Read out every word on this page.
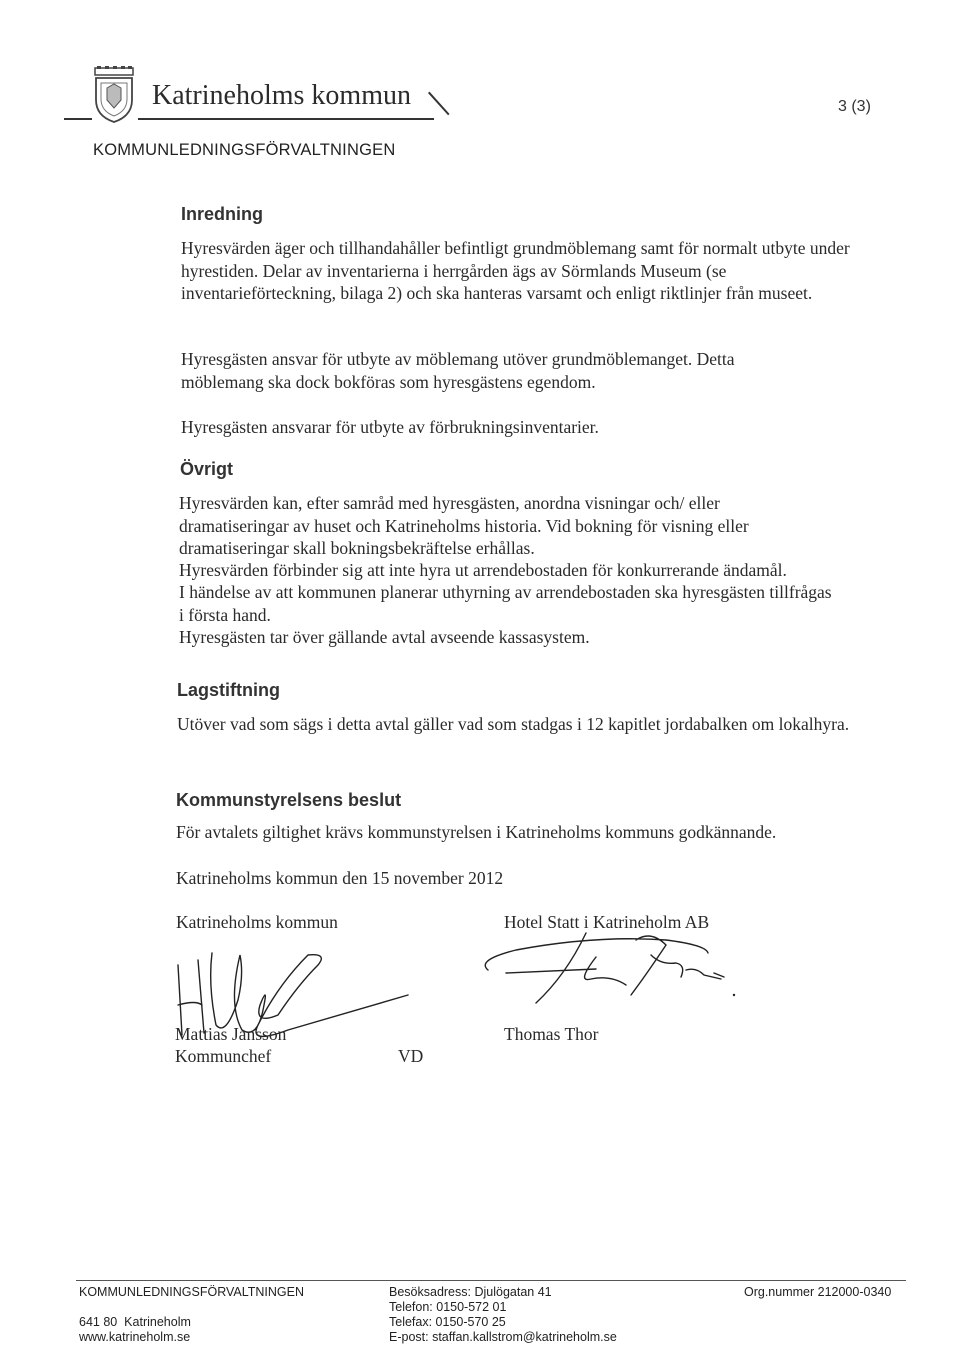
Katrineholms kommun	3 (3)
KOMMUNLEDNINGSFÖRVALTNINGEN
Inredning
Hyresvärden äger och tillhandahåller befintligt grundmöblemang samt för normalt utbyte under hyrestiden. Delar av inventarierna i herrgården ägs av Sörmlands Museum (se inventarieförteckning, bilaga 2) och ska hanteras varsamt och enligt riktlinjer från museet.
Hyresgästen ansvar för utbyte av möblemang utöver grundmöblemanget. Detta möblemang ska dock bokföras som hyresgästens egendom.
Hyresgästen ansvarar för utbyte av förbrukningsinventarier.
Övrigt
Hyresvärden kan, efter samråd med hyresgästen, anordna visningar och/ eller dramatiseringar av huset och Katrineholms historia. Vid bokning för visning eller dramatiseringar skall bokningsbekräftelse erhållas.
Hyresvärden förbinder sig att inte hyra ut arrendebostaden för konkurrerande ändamål.
I händelse av att kommunen planerar uthyrning av arrendebostaden ska hyresgästen tillfrågas i första hand.
Hyresgästen tar över gällande avtal avseende kassasystem.
Lagstiftning
Utöver vad som sägs i detta avtal gäller vad som stadgas i 12 kapitlet jordabalken om lokalhyra.
Kommunstyrelsens beslut
För avtalets giltighet krävs kommunstyrelsen i Katrineholms kommuns godkännande.
Katrineholms kommun den 15 november 2012
Katrineholms kommun	Hotel Statt i Katrineholm AB
Mattias Jansson
Kommunchef
Thomas Thor
VD
KOMMUNLEDNINGSFÖRVALTNINGEN
641 80  Katrineholm
www.katrineholm.se
Besöksadress: Djulögatan 41
Telefon: 0150-572 01
Telefax: 0150-570 25
E-post: staffan.kallstrom@katrineholm.se
Org.nummer 212000-0340
